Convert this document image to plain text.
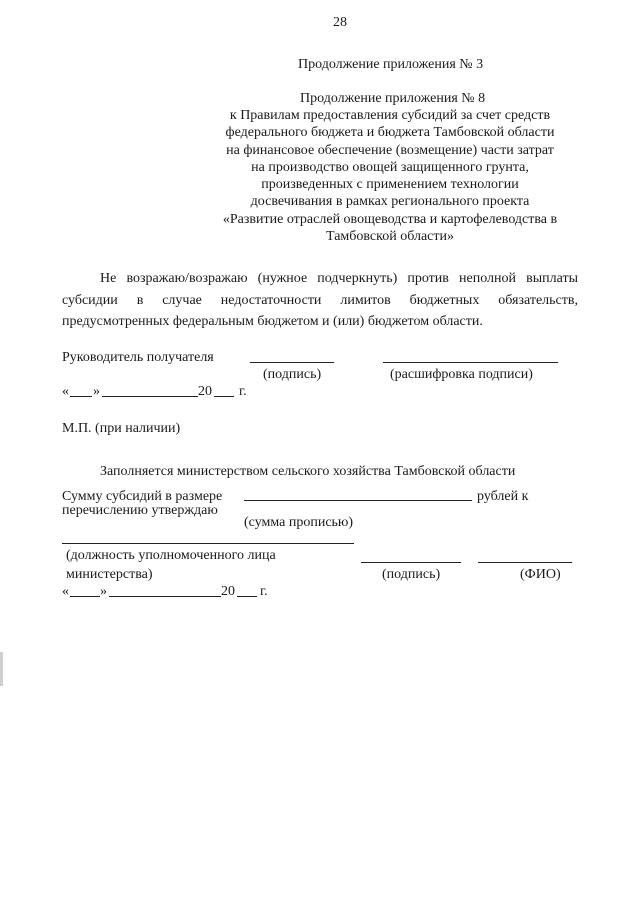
28
Продолжение приложения № 3
Продолжение приложения № 8
к Правилам предоставления субсидий за счет средств
федерального бюджета и бюджета Тамбовской области
на финансовое обеспечение (возмещение) части затрат
на производство овощей защищенного грунта,
произведенных с применением технологии
досвечивания в рамках регионального проекта
«Развитие отраслей овощеводства и картофелеводства в
Тамбовской области»
Не возражаю/возражаю (нужное подчеркнуть) против неполной выплаты
субсидии в случае недостаточности лимитов бюджетных обязательств,
предусмотренных федеральным бюджетом и (или) бюджетом области.
Руководитель получателя
(подпись)	(расшифровка подписи)
« »	20 г.
М.П. (при наличии)
Заполняется министерством сельского хозяйства Тамбовской области
Сумму субсидий в размере	рублей к
перечислению утверждаю
(сумма прописью)
(должность уполномоченного лица
министерства)	(подпись)	(ФИО)
« »	20 г.
